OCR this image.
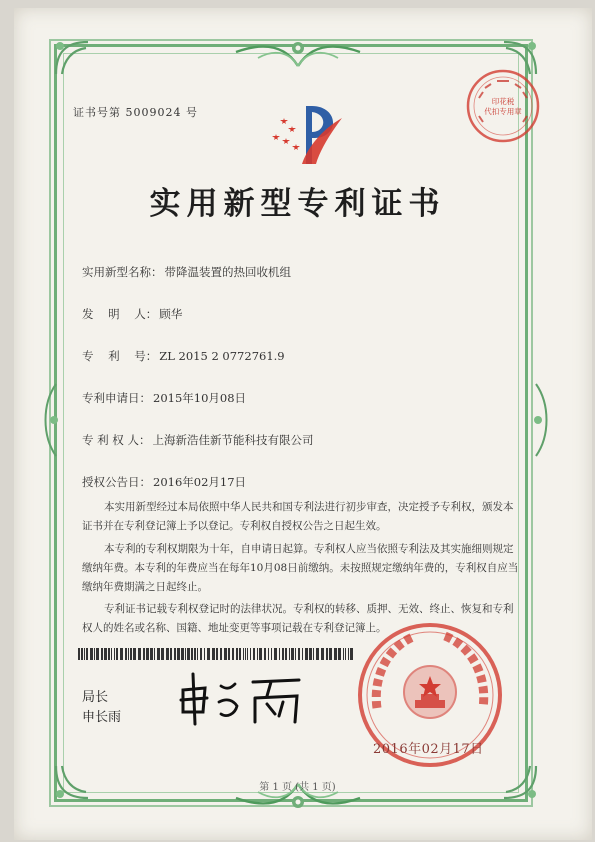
证书号第 5009024 号
印花税
代扣专用章
实用新型专利证书
实用新型名称： 带降温装置的热回收机组
发    明    人： 顾华
专    利    号： ZL 2015 2 0772761.9
专利申请日： 2015年10月08日
专 利 权 人： 上海新浩佳新节能科技有限公司
授权公告日： 2016年02月17日
本实用新型经过本局依照中华人民共和国专利法进行初步审查，决定授予专利权，颁发本证书并在专利登记簿上予以登记。专利权自授权公告之日起生效。
本专利的专利权期限为十年，自申请日起算。专利权人应当依照专利法及其实施细则规定缴纳年费。本专利的年费应当在每年10月08日前缴纳。未按照规定缴纳年费的，专利权自应当缴纳年费期满之日起终止。
专利证书记载专利权登记时的法律状况。专利权的转移、质押、无效、终止、恢复和专利权人的姓名或名称、国籍、地址变更等事项记载在专利登记簿上。
局长
申长雨
2016年02月17日
第 1 页 (共 1 页)
